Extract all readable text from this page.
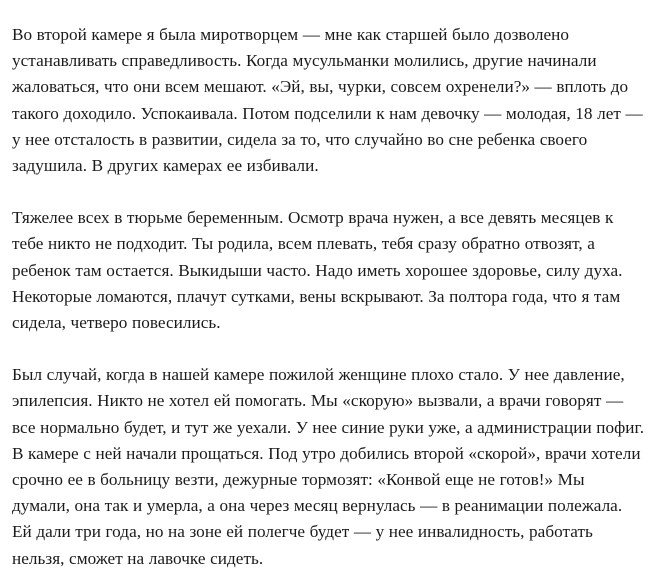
Во второй камере я была миротворцем — мне как старшей было дозволено устанавливать справедливость. Когда мусульманки молились, другие начинали жаловаться, что они всем мешают. «Эй, вы, чурки, совсем охренели?» — вплоть до такого доходило. Успокаивала. Потом подселили к нам девочку — молодая, 18 лет — у нее отсталость в развитии, сидела за то, что случайно во сне ребенка своего задушила. В других камерах ее избивали.

Тяжелее всех в тюрьме беременным. Осмотр врача нужен, а все девять месяцев к тебе никто не подходит. Ты родила, всем плевать, тебя сразу обратно отвозят, а ребенок там остается. Выкидыши часто. Надо иметь хорошее здоровье, силу духа. Некоторые ломаются, плачут сутками, вены вскрывают. За полтора года, что я там сидела, четверо повесились.

Был случай, когда в нашей камере пожилой женщине плохо стало. У нее давление, эпилепсия. Никто не хотел ей помогать. Мы «скорую» вызвали, а врачи говорят — все нормально будет, и тут же уехали. У нее синие руки уже, а администрации пофиг. В камере с ней начали прощаться. Под утро добились второй «скорой», врачи хотели срочно ее в больницу везти, дежурные тормозят: «Конвой еще не готов!» Мы думали, она так и умерла, а она через месяц вернулась — в реанимации полежала. Ей дали три года, но на зоне ей полегче будет — у нее инвалидность, работать нельзя, сможет на лавочке сидеть.
